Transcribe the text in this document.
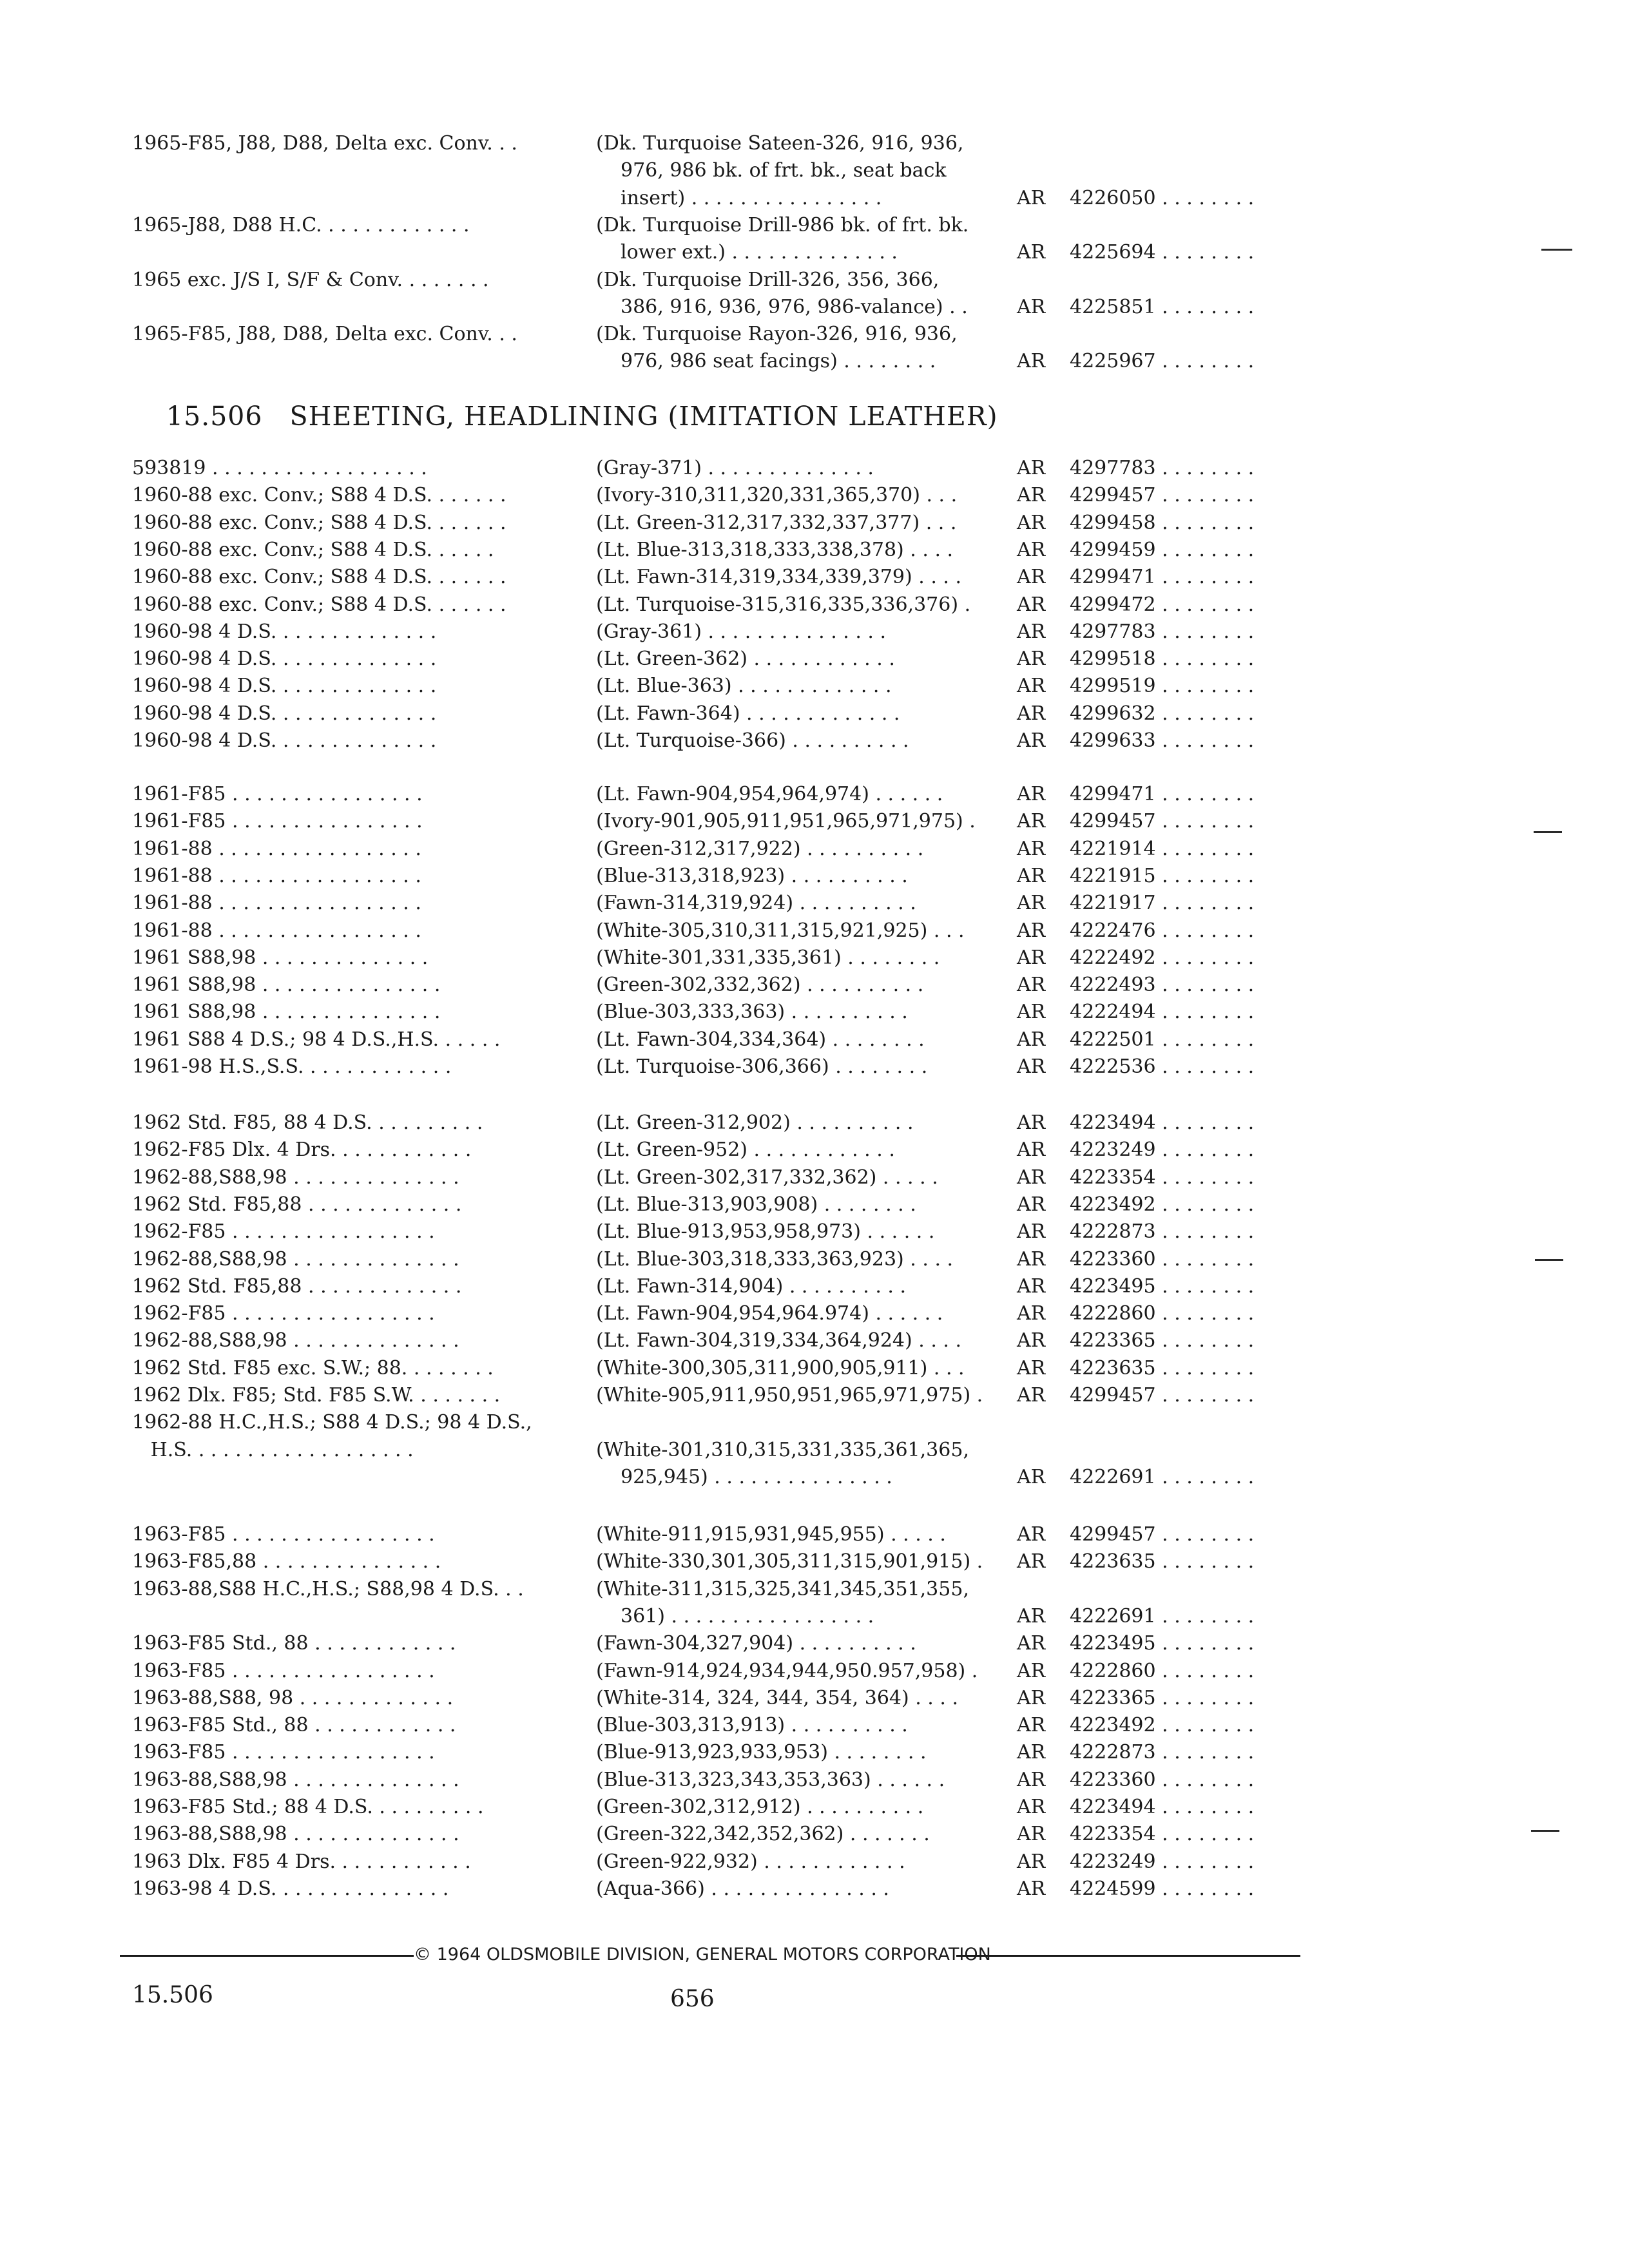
1965-F85, J88, D88, Delta exc. Conv. . .	(Dk. Turquoise Sateen-326, 916, 936,
976, 986 bk. of frt. bk., seat back
insert) . . . . . . . . . . . . . . . .	AR	4226050 . . . . . . . .
1965-J88, D88 H.C. . . . . . . . . . . . .	(Dk. Turquoise Drill-986 bk. of frt. bk.
lower ext.) . . . . . . . . . . . . . .	AR	4225694 . . . . . . . .
1965 exc. J/S I, S/F & Conv. . . . . . . .	(Dk. Turquoise Drill-326, 356, 366,
386, 916, 936, 976, 986-valance) . .	AR	4225851 . . . . . . . .
1965-F85, J88, D88, Delta exc. Conv. . .	(Dk. Turquoise Rayon-326, 916, 936,
976, 986 seat facings) . . . . . . . .	AR	4225967 . . . . . . . .
593819 . . . . . . . . . . . . . . . . . .	(Gray-371) . . . . . . . . . . . . . .	AR	4297783 . . . . . . . .
1960-88 exc. Conv.; S88 4 D.S. . . . . . .	(Ivory-310,311,320,331,365,370) . . .	AR	4299457 . . . . . . . .
1960-88 exc. Conv.; S88 4 D.S. . . . . . .	(Lt. Green-312,317,332,337,377) . . .	AR	4299458 . . . . . . . .
1960-88 exc. Conv.; S88 4 D.S. . . . . .	(Lt. Blue-313,318,333,338,378) . . . .	AR	4299459 . . . . . . . .
1960-88 exc. Conv.; S88 4 D.S. . . . . . .	(Lt. Fawn-314,319,334,339,379) . . . .	AR	4299471 . . . . . . . .
1960-88 exc. Conv.; S88 4 D.S. . . . . . .	(Lt. Turquoise-315,316,335,336,376) .	AR	4299472 . . . . . . . .
1960-98 4 D.S. . . . . . . . . . . . . .	(Gray-361) . . . . . . . . . . . . . . .	AR	4297783 . . . . . . . .
1960-98 4 D.S. . . . . . . . . . . . . .	(Lt. Green-362) . . . . . . . . . . . .	AR	4299518 . . . . . . . .
1960-98 4 D.S. . . . . . . . . . . . . .	(Lt. Blue-363) . . . . . . . . . . . . .	AR	4299519 . . . . . . . .
1960-98 4 D.S. . . . . . . . . . . . . .	(Lt. Fawn-364) . . . . . . . . . . . . .	AR	4299632 . . . . . . . .
1960-98 4 D.S. . . . . . . . . . . . . .	(Lt. Turquoise-366) . . . . . . . . . .	AR	4299633 . . . . . . . .
1961-F85 . . . . . . . . . . . . . . . .	(Lt. Fawn-904,954,964,974) . . . . . .	AR	4299471 . . . . . . . .
1961-F85 . . . . . . . . . . . . . . . .	(Ivory-901,905,911,951,965,971,975) .	AR	4299457 . . . . . . . .
1961-88 . . . . . . . . . . . . . . . . .	(Green-312,317,922) . . . . . . . . . .	AR	4221914 . . . . . . . .
1961-88 . . . . . . . . . . . . . . . . .	(Blue-313,318,923) . . . . . . . . . .	AR	4221915 . . . . . . . .
1961-88 . . . . . . . . . . . . . . . . .	(Fawn-314,319,924) . . . . . . . . . .	AR	4221917 . . . . . . . .
1961-88 . . . . . . . . . . . . . . . . .	(White-305,310,311,315,921,925) . . .	AR	4222476 . . . . . . . .
1961 S88,98 . . . . . . . . . . . . . .	(White-301,331,335,361) . . . . . . . .	AR	4222492 . . . . . . . .
1961 S88,98 . . . . . . . . . . . . . . .	(Green-302,332,362) . . . . . . . . . .	AR	4222493 . . . . . . . .
1961 S88,98 . . . . . . . . . . . . . . .	(Blue-303,333,363) . . . . . . . . . .	AR	4222494 . . . . . . . .
1961 S88 4 D.S.; 98 4 D.S.,H.S. . . . . .	(Lt. Fawn-304,334,364) . . . . . . . .	AR	4222501 . . . . . . . .
1961-98 H.S.,S.S. . . . . . . . . . . . .	(Lt. Turquoise-306,366) . . . . . . . .	AR	4222536 . . . . . . . .
1962 Std. F85, 88 4 D.S. . . . . . . . . .	(Lt. Green-312,902) . . . . . . . . . .	AR	4223494 . . . . . . . .
1962-F85 Dlx. 4 Drs. . . . . . . . . . . .	(Lt. Green-952) . . . . . . . . . . . .	AR	4223249 . . . . . . . .
1962-88,S88,98 . . . . . . . . . . . . . .	(Lt. Green-302,317,332,362) . . . . .	AR	4223354 . . . . . . . .
1962 Std. F85,88 . . . . . . . . . . . . .	(Lt. Blue-313,903,908) . . . . . . . .	AR	4223492 . . . . . . . .
1962-F85 . . . . . . . . . . . . . . . . .	(Lt. Blue-913,953,958,973) . . . . . .	AR	4222873 . . . . . . . .
1962-88,S88,98 . . . . . . . . . . . . . .	(Lt. Blue-303,318,333,363,923) . . . .	AR	4223360 . . . . . . . .
1962 Std. F85,88 . . . . . . . . . . . . .	(Lt. Fawn-314,904) . . . . . . . . . .	AR	4223495 . . . . . . . .
1962-F85 . . . . . . . . . . . . . . . . .	(Lt. Fawn-904,954,964.974) . . . . . .	AR	4222860 . . . . . . . .
1962-88,S88,98 . . . . . . . . . . . . . .	(Lt. Fawn-304,319,334,364,924) . . . .	AR	4223365 . . . . . . . .
1962 Std. F85 exc. S.W.; 88. . . . . . . .	(White-300,305,311,900,905,911) . . .	AR	4223635 . . . . . . . .
1962 Dlx. F85; Std. F85 S.W. . . . . . . .	(White-905,911,950,951,965,971,975) .	AR	4299457 . . . . . . . .
1962-88 H.C.,H.S.; S88 4 D.S.; 98 4 D.S.,
H.S. . . . . . . . . . . . . . . . . . .	(White-301,310,315,331,335,361,365,
925,945) . . . . . . . . . . . . . . .	AR	4222691 . . . . . . . .
1963-F85 . . . . . . . . . . . . . . . . .	(White-911,915,931,945,955) . . . . .	AR	4299457 . . . . . . . .
1963-F85,88 . . . . . . . . . . . . . . .	(White-330,301,305,311,315,901,915) .	AR	4223635 . . . . . . . .
1963-88,S88 H.C.,H.S.; S88,98 4 D.S. . .	(White-311,315,325,341,345,351,355,
361) . . . . . . . . . . . . . . . . .	AR	4222691 . . . . . . . .
1963-F85 Std., 88 . . . . . . . . . . . .	(Fawn-304,327,904) . . . . . . . . . .	AR	4223495 . . . . . . . .
1963-F85 . . . . . . . . . . . . . . . . .	(Fawn-914,924,934,944,950.957,958) .	AR	4222860 . . . . . . . .
1963-88,S88, 98 . . . . . . . . . . . . .	(White-314, 324, 344, 354, 364) . . . .	AR	4223365 . . . . . . . .
1963-F85 Std., 88 . . . . . . . . . . . .	(Blue-303,313,913) . . . . . . . . . .	AR	4223492 . . . . . . . .
1963-F85 . . . . . . . . . . . . . . . . .	(Blue-913,923,933,953) . . . . . . . .	AR	4222873 . . . . . . . .
1963-88,S88,98 . . . . . . . . . . . . . .	(Blue-313,323,343,353,363) . . . . . .	AR	4223360 . . . . . . . .
1963-F85 Std.; 88 4 D.S. . . . . . . . . .	(Green-302,312,912) . . . . . . . . . .	AR	4223494 . . . . . . . .
1963-88,S88,98 . . . . . . . . . . . . . .	(Green-322,342,352,362) . . . . . . .	AR	4223354 . . . . . . . .
1963 Dlx. F85 4 Drs. . . . . . . . . . . .	(Green-922,932) . . . . . . . . . . . .	AR	4223249 . . . . . . . .
1963-98 4 D.S. . . . . . . . . . . . . . .	(Aqua-366) . . . . . . . . . . . . . . .	AR	4224599 . . . . . . . .
15.506   SHEETING, HEADLINING (IMITATION LEATHER)
© 1964 OLDSMOBILE DIVISION, GENERAL MOTORS CORPORATION
15.506	656
